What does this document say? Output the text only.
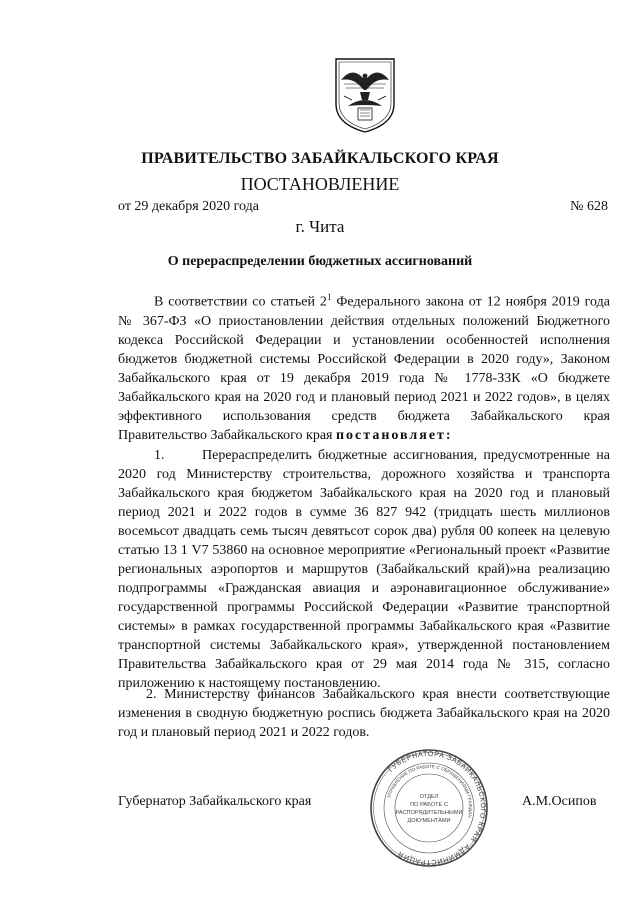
ПРАВИТЕЛЬСТВО ЗАБАЙКАЛЬСКОГО КРАЯ
ПОСТАНОВЛЕНИЕ
от 29 декабря 2020 года	№ 628
г. Чита
О перераспределении бюджетных ассигнований

В соответствии со статьей $2^1$ Федерального закона от 12 ноября 2019 года № 367-ФЗ «О приостановлении действия отдельных положений Бюджетного кодекса Российской Федерации и установлении особенностей исполнения бюджетов бюджетной системы Российской Федерации в 2020 году», Законом Забайкальского края от 19 декабря 2019 года № 1778-ЗЗК «О бюджете Забайкальского края на 2020 год и плановый период 2021 и 2022 годов», в целях эффективного использования средств бюджета Забайкальского края Правительство Забайкальского края постановляет:

1.      Перераспределить бюджетные ассигнования, предусмотренные на 2020 год Министерству строительства, дорожного хозяйства и транспорта Забайкальского края бюджетом Забайкальского края на 2020 год и плановый период 2021 и 2022 годов в сумме 36 827 942 (тридцать шесть миллионов восемьсот двадцать семь тысяч девятьсот сорок два) рубля 00 копеек на целевую статью 13 1 V7 53860 на основное мероприятие «Региональный проект «Развитие региональных аэропортов и маршрутов (Забайкальский край)»на реализацию подпрограммы «Гражданская авиация и аэронавигационное обслуживание» государственной программы Российской Федерации «Развитие транспортной системы» в рамках государственной программы Забайкальского края «Развитие транспортной системы Забайкальского края», утвержденной постановлением Правительства Забайкальского края от 29 мая 2014 года № 315, согласно приложению к настоящему постановлению.

2. Министерству финансов Забайкальского края внести соответствующие изменения в сводную бюджетную роспись бюджета Забайкальского края на 2020 год и плановый период 2021 и 2022 годов.

Губернатор Забайкальского края	А.М.Осипов
ГУБЕРНАТОРА ЗАБАЙКАЛЬСКОГО КРАЯ
АДМИНИСТРАЦИЯ
УПРАВЛЕНИЕ ПО РАБОТЕ С ОБРАЩЕНИЯМИ ГРАЖДАН
ОТДЕЛ
ПО РАБОТЕ С
РАСПОРЯДИТЕЛЬНЫМИ
ДОКУМЕНТАМИ
